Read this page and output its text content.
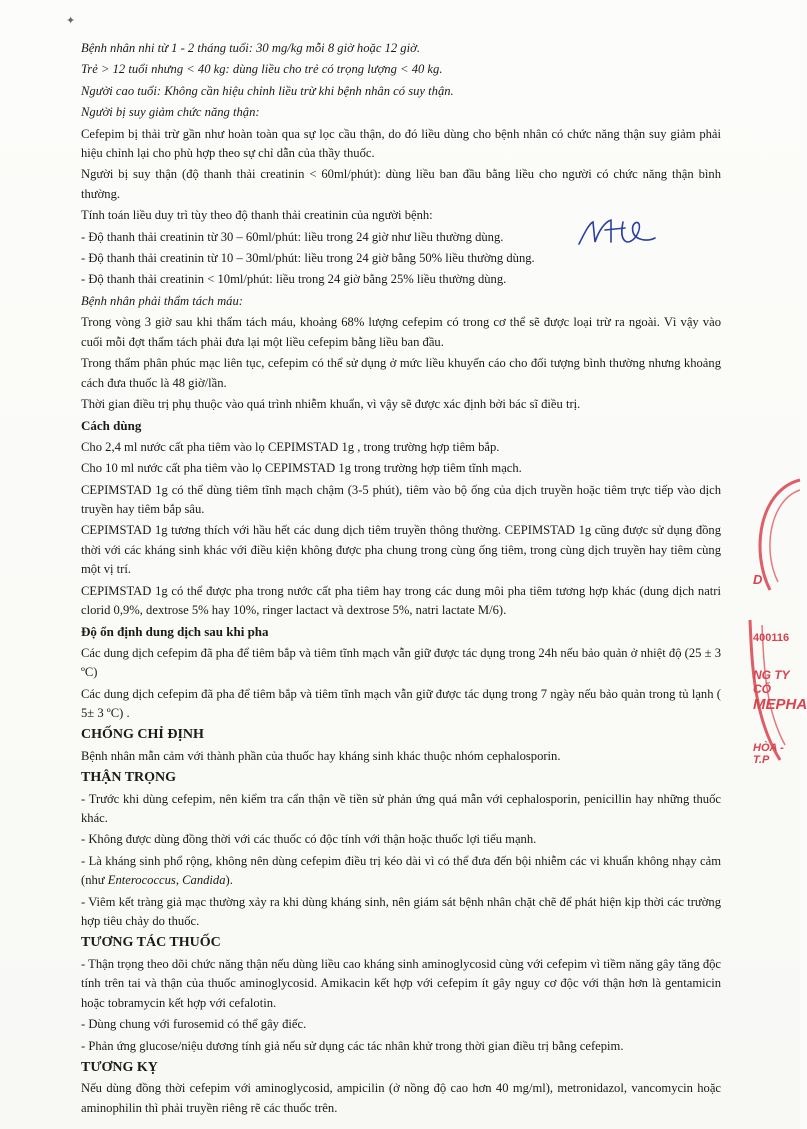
✦

Bệnh nhân nhi từ 1 - 2 tháng tuổi: 30 mg/kg mỗi 8 giờ hoặc 12 giờ.

Trẻ > 12 tuổi nhưng < 40 kg: dùng liều cho trẻ có trọng lượng < 40 kg.

Người cao tuổi: Không cần hiệu chỉnh liều trừ khi bệnh nhân có suy thận.

Người bị suy giảm chức năng thận:

Cefepim bị thải trừ gần như hoàn toàn qua sự lọc cầu thận, do đó liều dùng cho bệnh nhân có chức năng thận suy giảm phải hiệu chỉnh lại cho phù hợp theo sự chỉ dẫn của thầy thuốc.

Người bị suy thận (độ thanh thải creatinin < 60ml/phút): dùng liều ban đầu bằng liều cho người có chức năng thận bình thường.

Tính toán liều duy trì tùy theo độ thanh thải creatinin của người bệnh:

- Độ thanh thải creatinin từ 30 – 60ml/phút: liều trong 24 giờ như liều thường dùng.

- Độ thanh thải creatinin từ 10 – 30ml/phút: liều trong 24 giờ bằng 50% liều thường dùng.

- Độ thanh thải creatinin < 10ml/phút: liều trong 24 giờ bằng 25% liều thường dùng.

Bệnh nhân phải thẩm tách máu:

Trong vòng 3 giờ sau khi thẩm tách máu, khoảng 68% lượng cefepim có trong cơ thể sẽ được loại trừ ra ngoài. Vì vậy vào cuối mỗi đợt thẩm tách phải đưa lại một liều cefepim bằng liều ban đầu.

Trong thẩm phân phúc mạc liên tục, cefepim có thể sử dụng ở mức liều khuyến cáo cho đối tượng bình thường nhưng khoảng cách đưa thuốc là 48 giờ/lần.

Thời gian điều trị phụ thuộc vào quá trình nhiễm khuẩn, vì vậy sẽ được xác định bởi bác sĩ điều trị.

Cách dùng

Cho 2,4 ml nước cất pha tiêm vào lọ CEPIMSTAD 1g , trong trường hợp tiêm bắp.

Cho 10 ml nước cất pha tiêm vào lọ CEPIMSTAD 1g trong trường hợp tiêm tĩnh mạch.

CEPIMSTAD 1g có thể dùng tiêm tĩnh mạch chậm (3-5 phút), tiêm vào bộ ống của dịch truyền hoặc tiêm trực tiếp vào dịch truyền hay tiêm bắp sâu.

CEPIMSTAD 1g tương thích với hầu hết các dung dịch tiêm truyền thông thường. CEPIMSTAD 1g cũng được sử dụng đồng thời với các kháng sinh khác với điều kiện không được pha chung trong cùng ống tiêm, trong cùng dịch truyền hay tiêm cùng một vị trí.

CEPIMSTAD 1g có thể được pha trong nước cất pha tiêm hay trong các dung môi pha tiêm tương hợp khác (dung dịch natri clorid 0,9%, dextrose 5% hay 10%, ringer lactact và dextrose 5%, natri lactate M/6).

Độ ổn định dung dịch sau khi pha

Các dung dịch cefepim đã pha để tiêm bắp và tiêm tĩnh mạch vẫn giữ được tác dụng trong 24h nếu bảo quản ở nhiệt độ (25 ± 3 ºC)

Các dung dịch cefepim đã pha để tiêm bắp và tiêm tĩnh mạch vẫn giữ được tác dụng trong 7 ngày nếu bảo quản trong tủ lạnh ( 5± 3 ºC) .

CHỐNG CHỈ ĐỊNH

Bệnh nhân mẫn cảm với thành phần của thuốc hay kháng sinh khác thuộc nhóm cephalosporin.

THẬN TRỌNG

- Trước khi dùng cefepim, nên kiểm tra cẩn thận về tiền sử phản ứng quá mẫn với cephalosporin, penicillin hay những thuốc khác.

- Không được dùng đồng thời với các thuốc có độc tính với thận hoặc thuốc lợi tiểu mạnh.

- Là kháng sinh phổ rộng, không nên dùng cefepim điều trị kéo dài vì có thể đưa đến bội nhiễm các vi khuẩn không nhạy cảm (như Enterococcus, Candida).

- Viêm kết tràng giả mạc thường xảy ra khi dùng kháng sinh, nên giám sát bệnh nhân chặt chẽ để phát hiện kịp thời các trường hợp tiêu chảy do thuốc.

TƯƠNG TÁC THUỐC

- Thận trọng theo dõi chức năng thận nếu dùng liều cao kháng sinh aminoglycosid cùng với cefepim vì tiềm năng gây tăng độc tính trên tai và thận của thuốc aminoglycosid. Amikacin kết hợp với cefepim ít gây nguy cơ độc với thận hơn là gentamicin hoặc tobramycin kết hợp với cefalotin.

- Dùng chung với furosemid có thể gây điếc.

- Phản ứng glucose/niệu dương tính giả nếu sử dụng các tác nhân khử trong thời gian điều trị bằng cefepim.

TƯƠNG KỴ

Nếu dùng đồng thời cefepim với aminoglycosid, ampicilin (ở nồng độ cao hơn 40 mg/ml), metronidazol, vancomycin hoặc aminophilin thì phải truyền riêng rẽ các thuốc trên.

D
400116
NG TY CỔ
MEPHA
HÒA - T.P
